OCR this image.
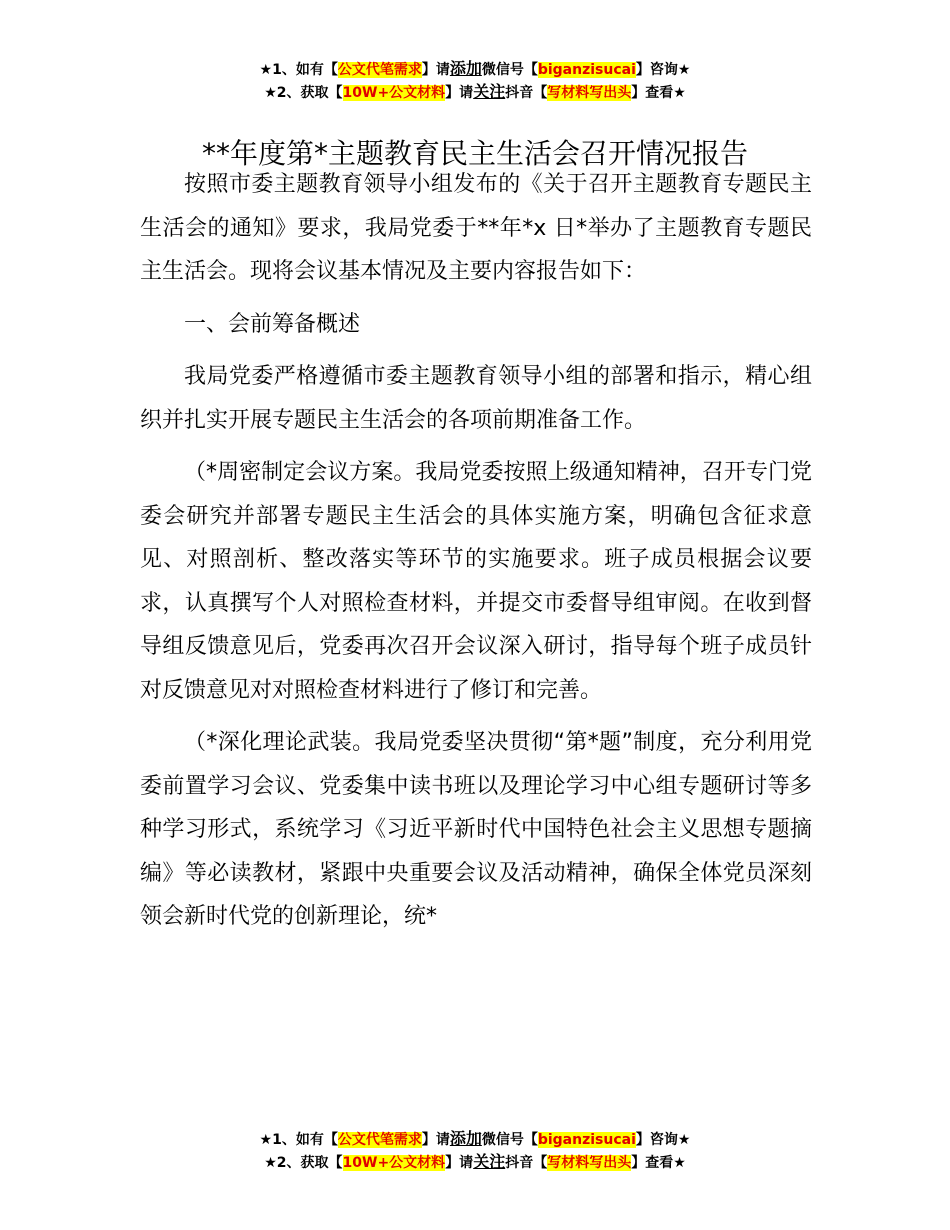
★1、如有【公文代笔需求】请添加微信号【biganzisucai】咨询★
★2、获取【10W+公文材料】请关注抖音【写材料写出头】查看★
**年度第*主题教育民主生活会召开情况报告

按照市委主题教育领导小组发布的《关于召开主题教育专题民主生活会的通知》要求，我局党委于**年*x 日*举办了主题教育专题民主生活会。现将会议基本情况及主要内容报告如下：

一、会前筹备概述

我局党委严格遵循市委主题教育领导小组的部署和指示，精心组织并扎实开展专题民主生活会的各项前期准备工作。

（*周密制定会议方案。我局党委按照上级通知精神，召开专门党委会研究并部署专题民主生活会的具体实施方案，明确包含征求意见、对照剖析、整改落实等环节的实施要求。班子成员根据会议要求，认真撰写个人对照检查材料，并提交市委督导组审阅。在收到督导组反馈意见后，党委再次召开会议深入研讨，指导每个班子成员针对反馈意见对对照检查材料进行了修订和完善。

（*深化理论武装。我局党委坚决贯彻“第*题”制度，充分利用党委前置学习会议、党委集中读书班以及理论学习中心组专题研讨等多种学习形式，系统学习《习近平新时代中国特色社会主义思想专题摘编》等必读教材，紧跟中央重要会议及活动精神，确保全体党员深刻领会新时代党的创新理论，统*

★1、如有【公文代笔需求】请添加微信号【biganzisucai】咨询★
★2、获取【10W+公文材料】请关注抖音【写材料写出头】查看★
